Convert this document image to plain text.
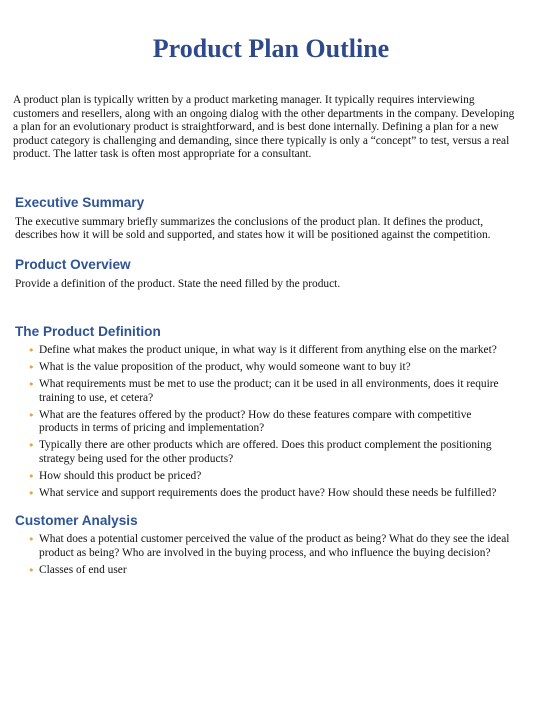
Product Plan Outline

A product plan is typically written by a product marketing manager. It typically requires interviewing customers and resellers, along with an ongoing dialog with the other departments in the company. Developing a plan for an evolutionary product is straightforward, and is best done internally. Defining a plan for a new product category is challenging and demanding, since there typically is only a “concept” to test, versus a real product. The latter task is often most appropriate for a consultant.

Executive Summary

The executive summary briefly summarizes the conclusions of the product plan. It defines the product, describes how it will be sold and supported, and states how it will be positioned against the competition.

Product Overview

Provide a definition of the product. State the need filled by the product.

The Product Definition
• Define what makes the product unique, in what way is it different from anything else on the market?
• What is the value proposition of the product, why would someone want to buy it?
• What requirements must be met to use the product; can it be used in all environments, does it require training to use, et cetera?
• What are the features offered by the product? How do these features compare with competitive products in terms of pricing and implementation?
• Typically there are other products which are offered. Does this product complement the positioning strategy being used for the other products?
• How should this product be priced?
• What service and support requirements does the product have? How should these needs be fulfilled?
Customer Analysis
• What does a potential customer perceived the value of the product as being? What do they see the ideal product as being? Who are involved in the buying process, and who influence the buying decision?
• Classes of end user
